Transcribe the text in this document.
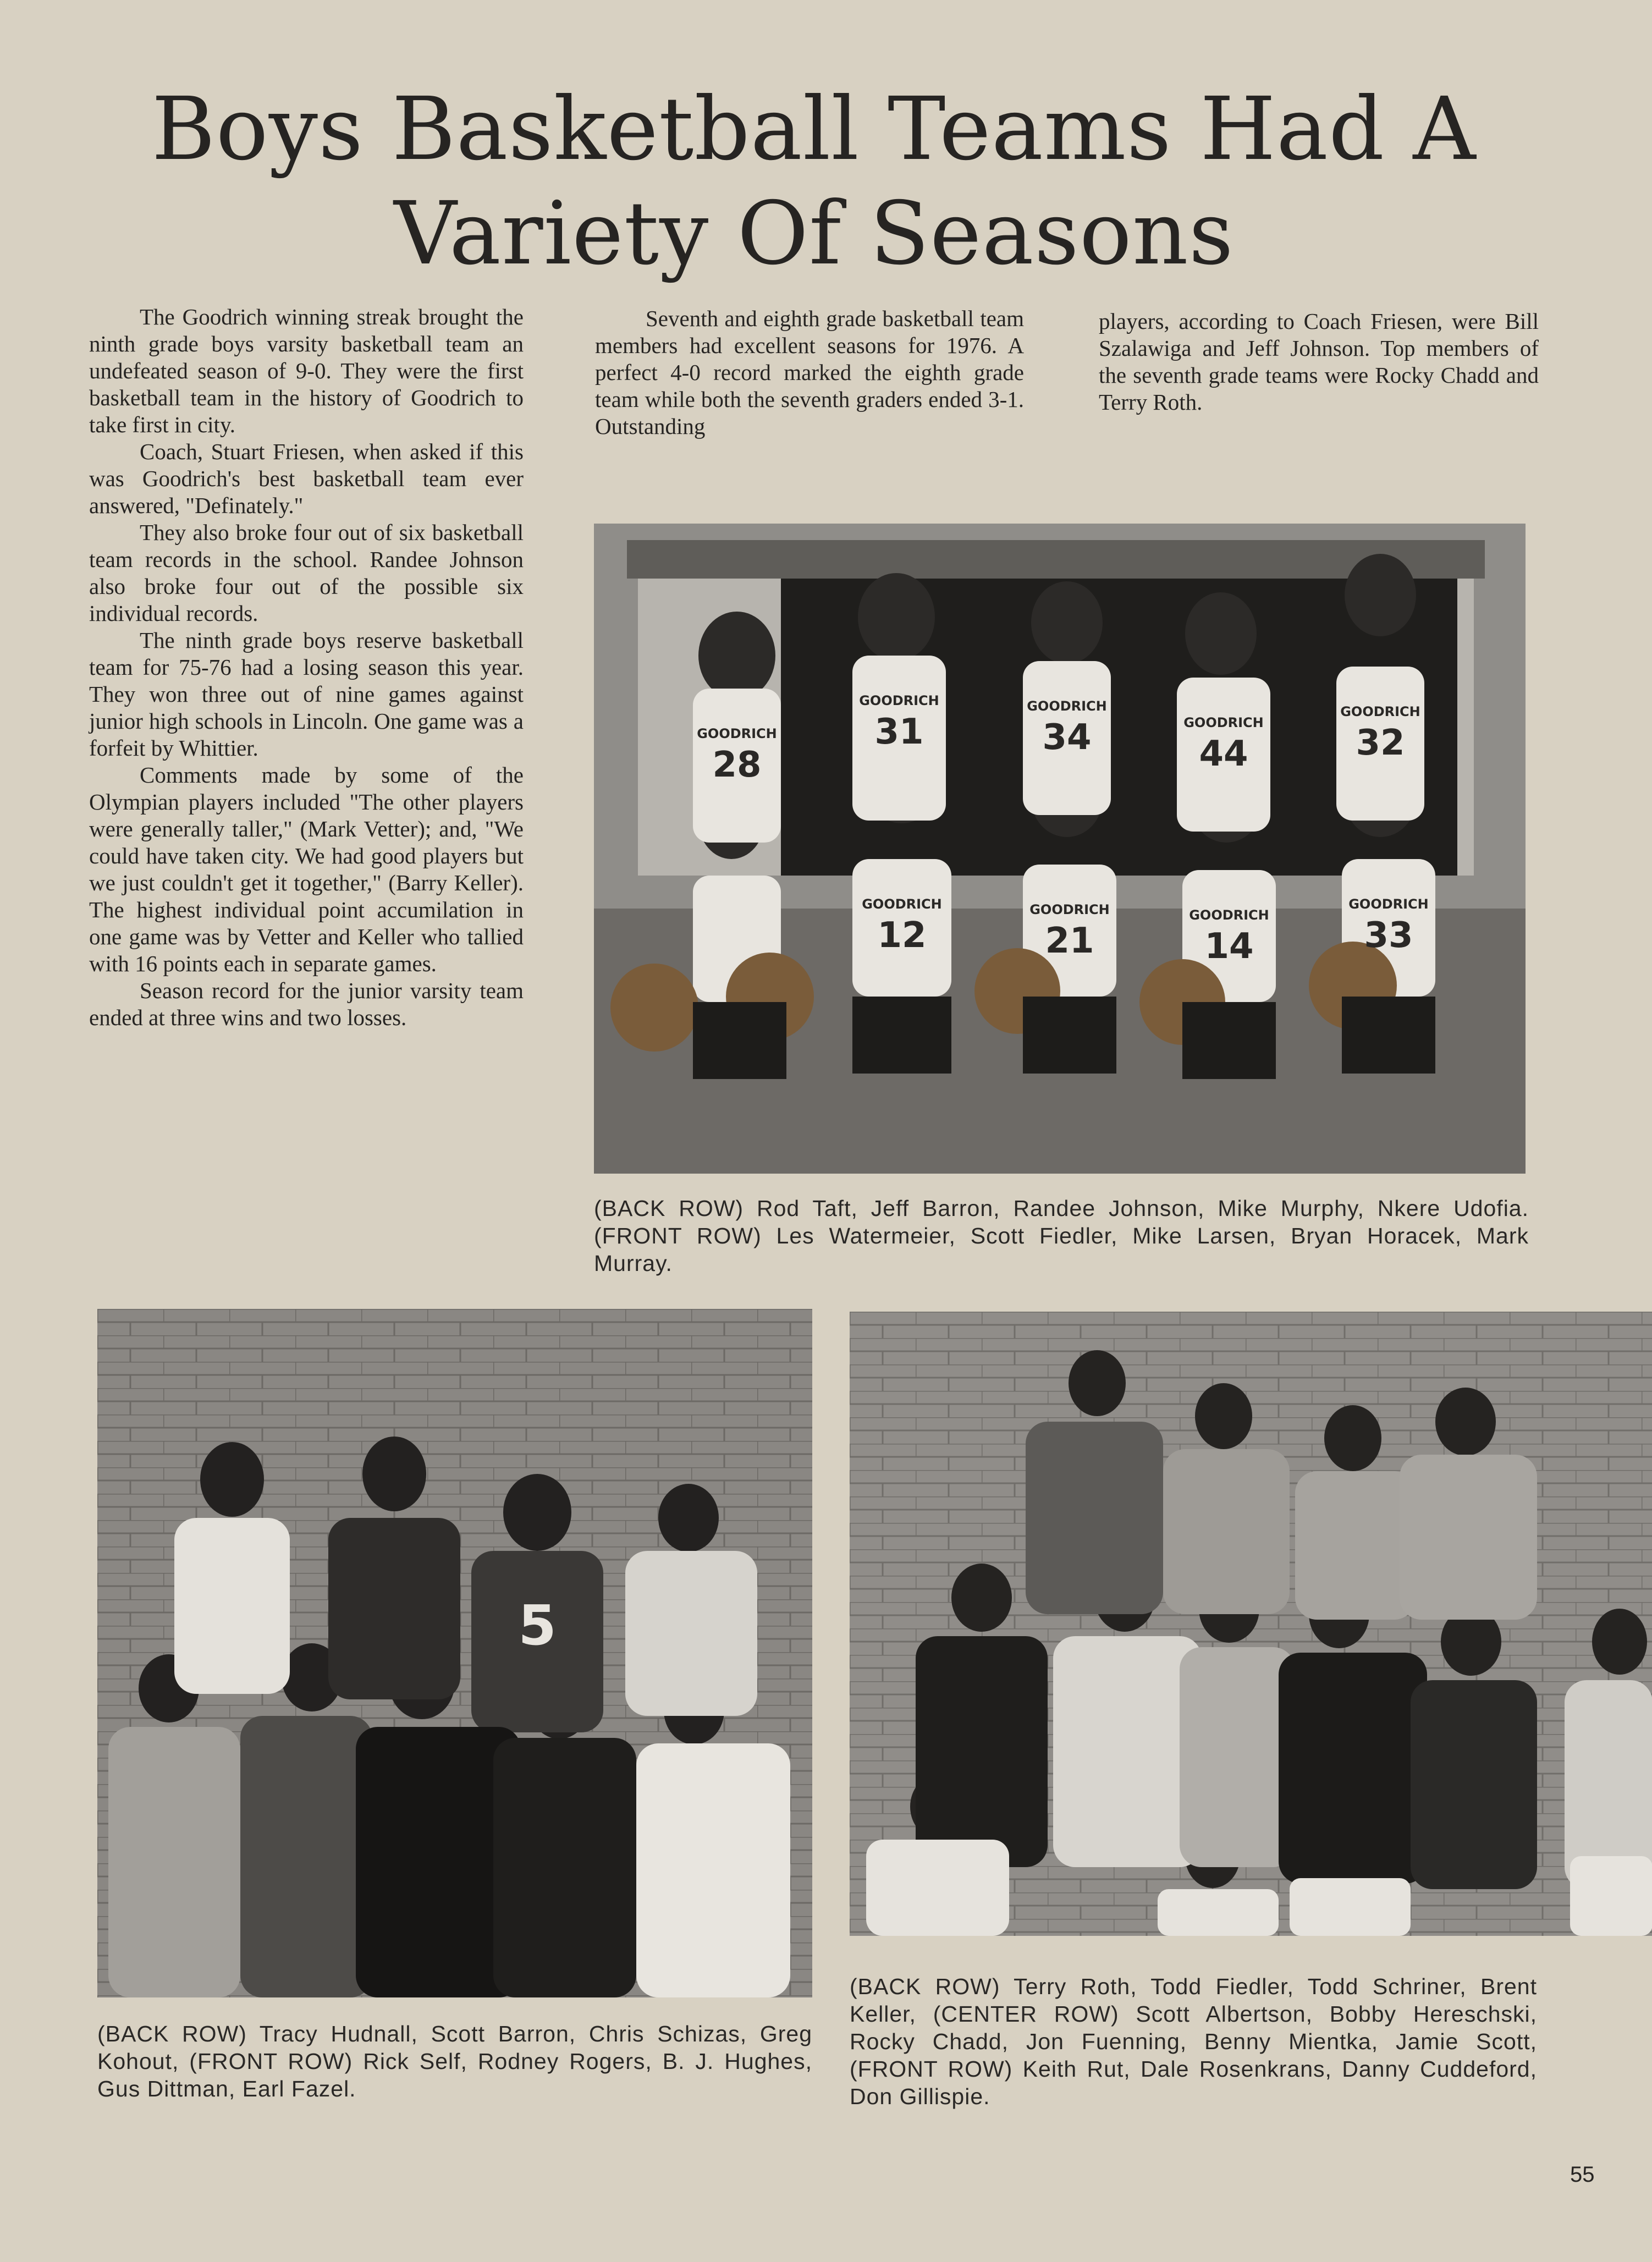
Boys Basketball Teams Had A
Variety Of Seasons

The Goodrich winning streak brought the ninth grade boys varsity basketball team an undefeated season of 9-0. They were the first basketball team in the history of Goodrich to take first in city.

Coach, Stuart Friesen, when asked if this was Goodrich's best basketball team ever answered, "Definately."

They also broke four out of six basketball team records in the school. Randee Johnson also broke four out of the possible six individual records.

The ninth grade boys reserve basketball team for 75-76 had a losing season this year. They won three out of nine games against junior high schools in Lincoln. One game was a forfeit by Whittier.

Comments made by some of the Olympian players included "The other players were generally taller," (Mark Vetter); and, "We could have taken city. We had good players but we just couldn't get it together," (Barry Keller). The highest individual point accumilation in one game was by Vetter and Keller who tallied with 16 points each in separate games.

Season record for the junior varsity team ended at three wins and two losses.

Seventh and eighth grade basketball team members had excellent seasons for 1976. A perfect 4-0 record marked the eighth grade team while both the seventh graders ended 3-1. Outstanding

players, according to Coach Friesen, were Bill Szalawiga and Jeff Johnson. Top members of the seventh grade teams were Rocky Chadd and Terry Roth.

GOODRICH
GOODRICH	GOODRICH
GOODRICH
GOODRICH
28
31	34	44	32
GOODRICH	GOODRICH	GOODRICH
GOODRICH
12	21	14	33
(BACK ROW) Rod Taft, Jeff Barron, Randee Johnson, Mike Murphy, Nkere Udofia. (FRONT ROW) Les Watermeier, Scott Fiedler, Mike Larsen, Bryan Horacek, Mark Murray.
5
(BACK ROW) Tracy Hudnall, Scott Barron, Chris Schizas, Greg Kohout, (FRONT ROW) Rick Self, Rodney Rogers, B. J. Hughes, Gus Dittman, Earl Fazel.
(BACK ROW) Terry Roth, Todd Fiedler, Todd Schriner, Brent Keller, (CENTER ROW) Scott Albertson, Bobby Hereschski, Rocky Chadd, Jon Fuenning, Benny Mientka, Jamie Scott, (FRONT ROW) Keith Rut, Dale Rosenkrans, Danny Cuddeford, Don Gillispie.
55
